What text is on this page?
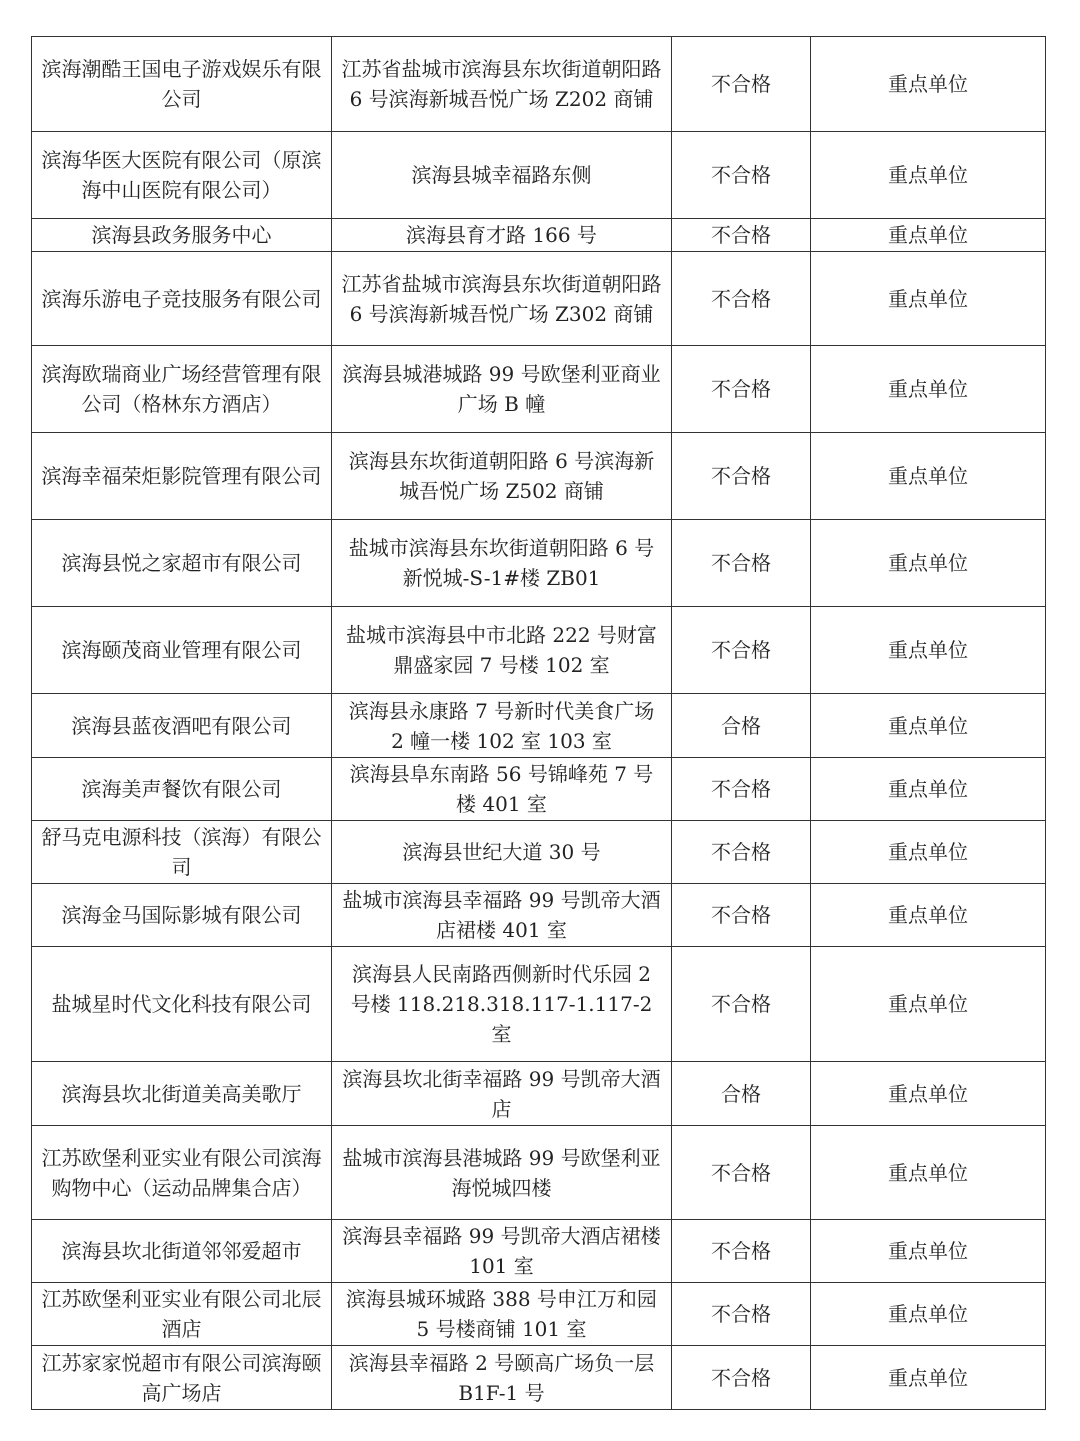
滨海潮酷王国电子游戏娱乐有限公司	江苏省盐城市滨海县东坎街道朝阳路 6 号滨海新城吾悦广场 Z202 商铺	不合格	重点单位
滨海华医大医院有限公司（原滨海中山医院有限公司）	滨海县城幸福路东侧	不合格	重点单位
滨海县政务服务中心	滨海县育才路 166 号	不合格	重点单位
滨海乐游电子竞技服务有限公司	江苏省盐城市滨海县东坎街道朝阳路 6 号滨海新城吾悦广场 Z302 商铺	不合格	重点单位
滨海欧瑞商业广场经营管理有限公司（格林东方酒店）	滨海县城港城路 99 号欧堡利亚商业广场 B 幢	不合格	重点单位
滨海幸福荣炬影院管理有限公司	滨海县东坎街道朝阳路 6 号滨海新城吾悦广场 Z502 商铺	不合格	重点单位
滨海县悦之家超市有限公司	盐城市滨海县东坎街道朝阳路 6 号新悦城-S-1#楼 ZB01	不合格	重点单位
滨海颐茂商业管理有限公司	盐城市滨海县中市北路 222 号财富鼎盛家园 7 号楼 102 室	不合格	重点单位
滨海县蓝夜酒吧有限公司	滨海县永康路 7 号新时代美食广场 2 幢一楼 102 室 103 室	合格	重点单位
滨海美声餐饮有限公司	滨海县阜东南路 56 号锦峰苑 7 号楼 401 室	不合格	重点单位
舒马克电源科技（滨海）有限公司	滨海县世纪大道 30 号	不合格	重点单位
滨海金马国际影城有限公司	盐城市滨海县幸福路 99 号凯帝大酒店裙楼 401 室	不合格	重点单位
盐城星时代文化科技有限公司	滨海县人民南路西侧新时代乐园 2 号楼 118.218.318.117-1.117-2 室	不合格	重点单位
滨海县坎北街道美高美歌厅	滨海县坎北街幸福路 99 号凯帝大酒店	合格	重点单位
江苏欧堡利亚实业有限公司滨海购物中心（运动品牌集合店）	盐城市滨海县港城路 99 号欧堡利亚海悦城四楼	不合格	重点单位
滨海县坎北街道邻邻爱超市	滨海县幸福路 99 号凯帝大酒店裙楼 101 室	不合格	重点单位
江苏欧堡利亚实业有限公司北辰酒店	滨海县城环城路 388 号申江万和园 5 号楼商铺 101 室	不合格	重点单位
江苏家家悦超市有限公司滨海颐高广场店	滨海县幸福路 2 号颐高广场负一层 B1F-1 号	不合格	重点单位
